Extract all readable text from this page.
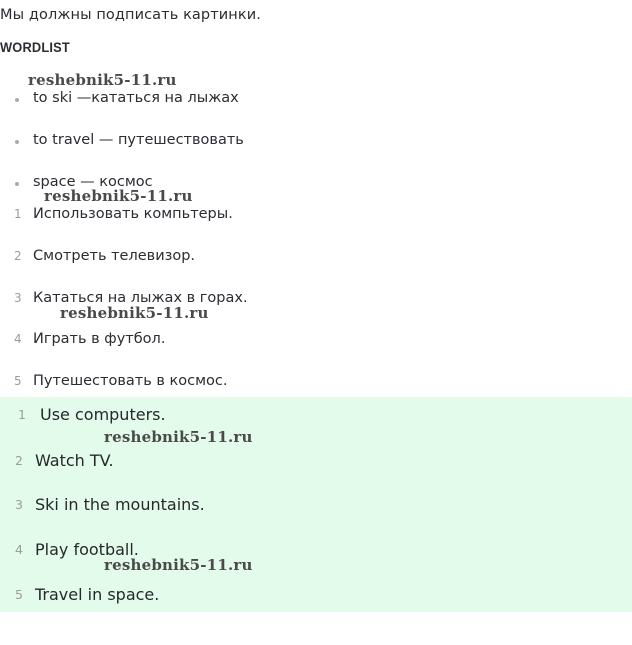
Мы должны подписать картинки.
WORDLIST
to ski —кататься на лыжах
to travel — путешествовать
space — космос
1 Использовать компьтеры.
2 Смотреть телевизор.
3 Кататься на лыжах в горах.
4 Играть в футбол.
5 Путешестовать в космос.
1 Use computers.
2 Watch TV.
3 Ski in the mountains.
4 Play football.
5 Travel in space.
reshebnik5-11.ru
reshebnik5-11.ru
reshebnik5-11.ru
reshebnik5-11.ru
reshebnik5-11.ru
